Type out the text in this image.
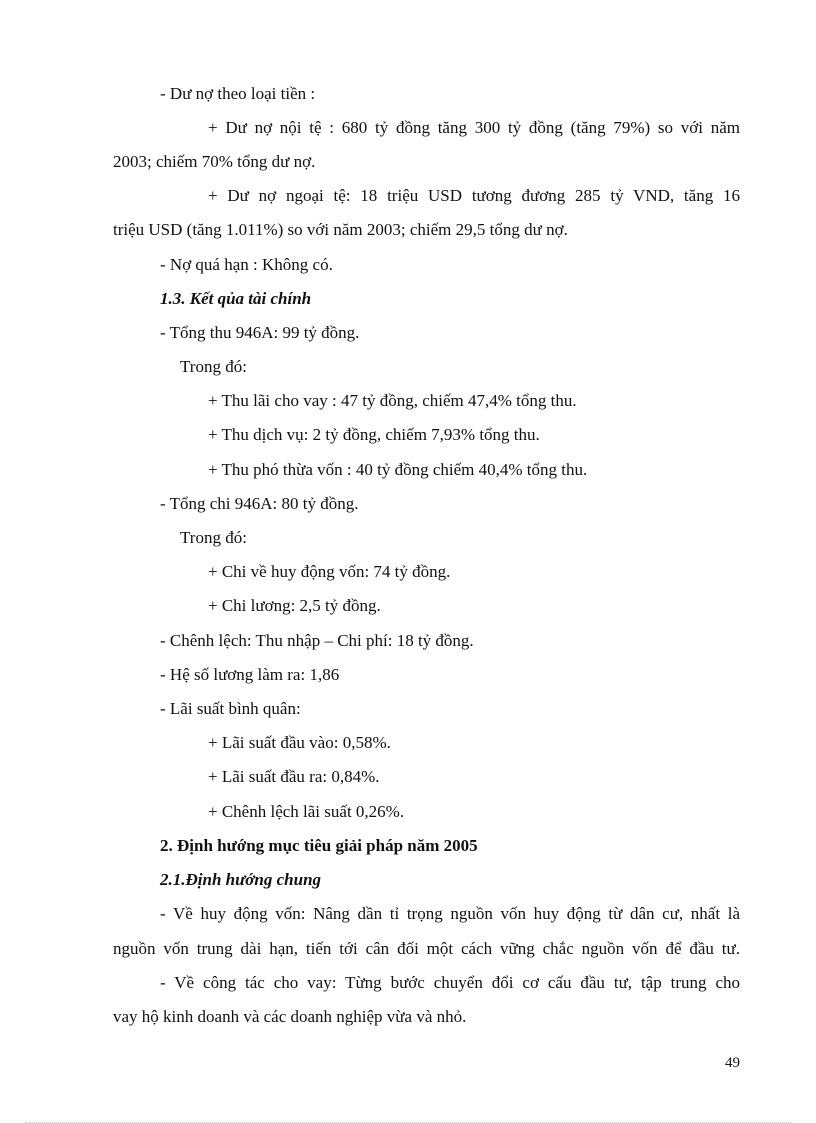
- Dư nợ theo loại tiền :
+ Dư nợ nội tệ : 680 tỷ đồng tăng 300 tỷ đồng (tăng 79%) so với năm
2003; chiếm 70% tổng dư nợ.
+ Dư nợ ngoại tệ: 18 triệu USD tương đương 285 tỷ VND, tăng 16
triệu USD (tăng 1.011%) so với năm 2003; chiếm 29,5 tổng dư nợ.
- Nợ quá hạn : Không có.
1.3. Kết qủa tài chính
- Tổng thu 946A: 99 tỷ đồng.
Trong đó:
+ Thu lãi cho vay : 47 tỷ đồng, chiếm 47,4% tổng thu.
+ Thu dịch vụ: 2 tỷ đồng, chiếm 7,93% tổng thu.
+ Thu phó thừa vốn : 40 tỷ đồng chiếm 40,4% tổng thu.
- Tổng chi 946A: 80 tỷ đồng.
Trong đó:
+ Chi về huy động vốn: 74 tỷ đồng.
+ Chi lương: 2,5 tỷ đồng.
- Chênh lệch: Thu nhập – Chi phí: 18 tỷ đồng.
- Hệ số lương làm ra: 1,86
- Lãi suất bình quân:
+ Lãi suất đầu vào: 0,58%.
+ Lãi suất đầu ra: 0,84%.
+ Chênh lệch lãi suất 0,26%.
2. Định hướng mục tiêu giải pháp năm 2005
2.1.Định hướng chung
- Về huy động vốn: Nâng dần tỉ trọng nguồn vốn huy động từ dân cư, nhất là
nguồn vốn trung dài hạn, tiến tới cân đối một cách vững chắc nguồn vốn để đầu tư.
- Về công tác cho vay: Từng bước chuyển đổi cơ cấu đầu tư, tập trung cho
vay hộ kinh doanh và các doanh nghiệp vừa và nhỏ.
49
